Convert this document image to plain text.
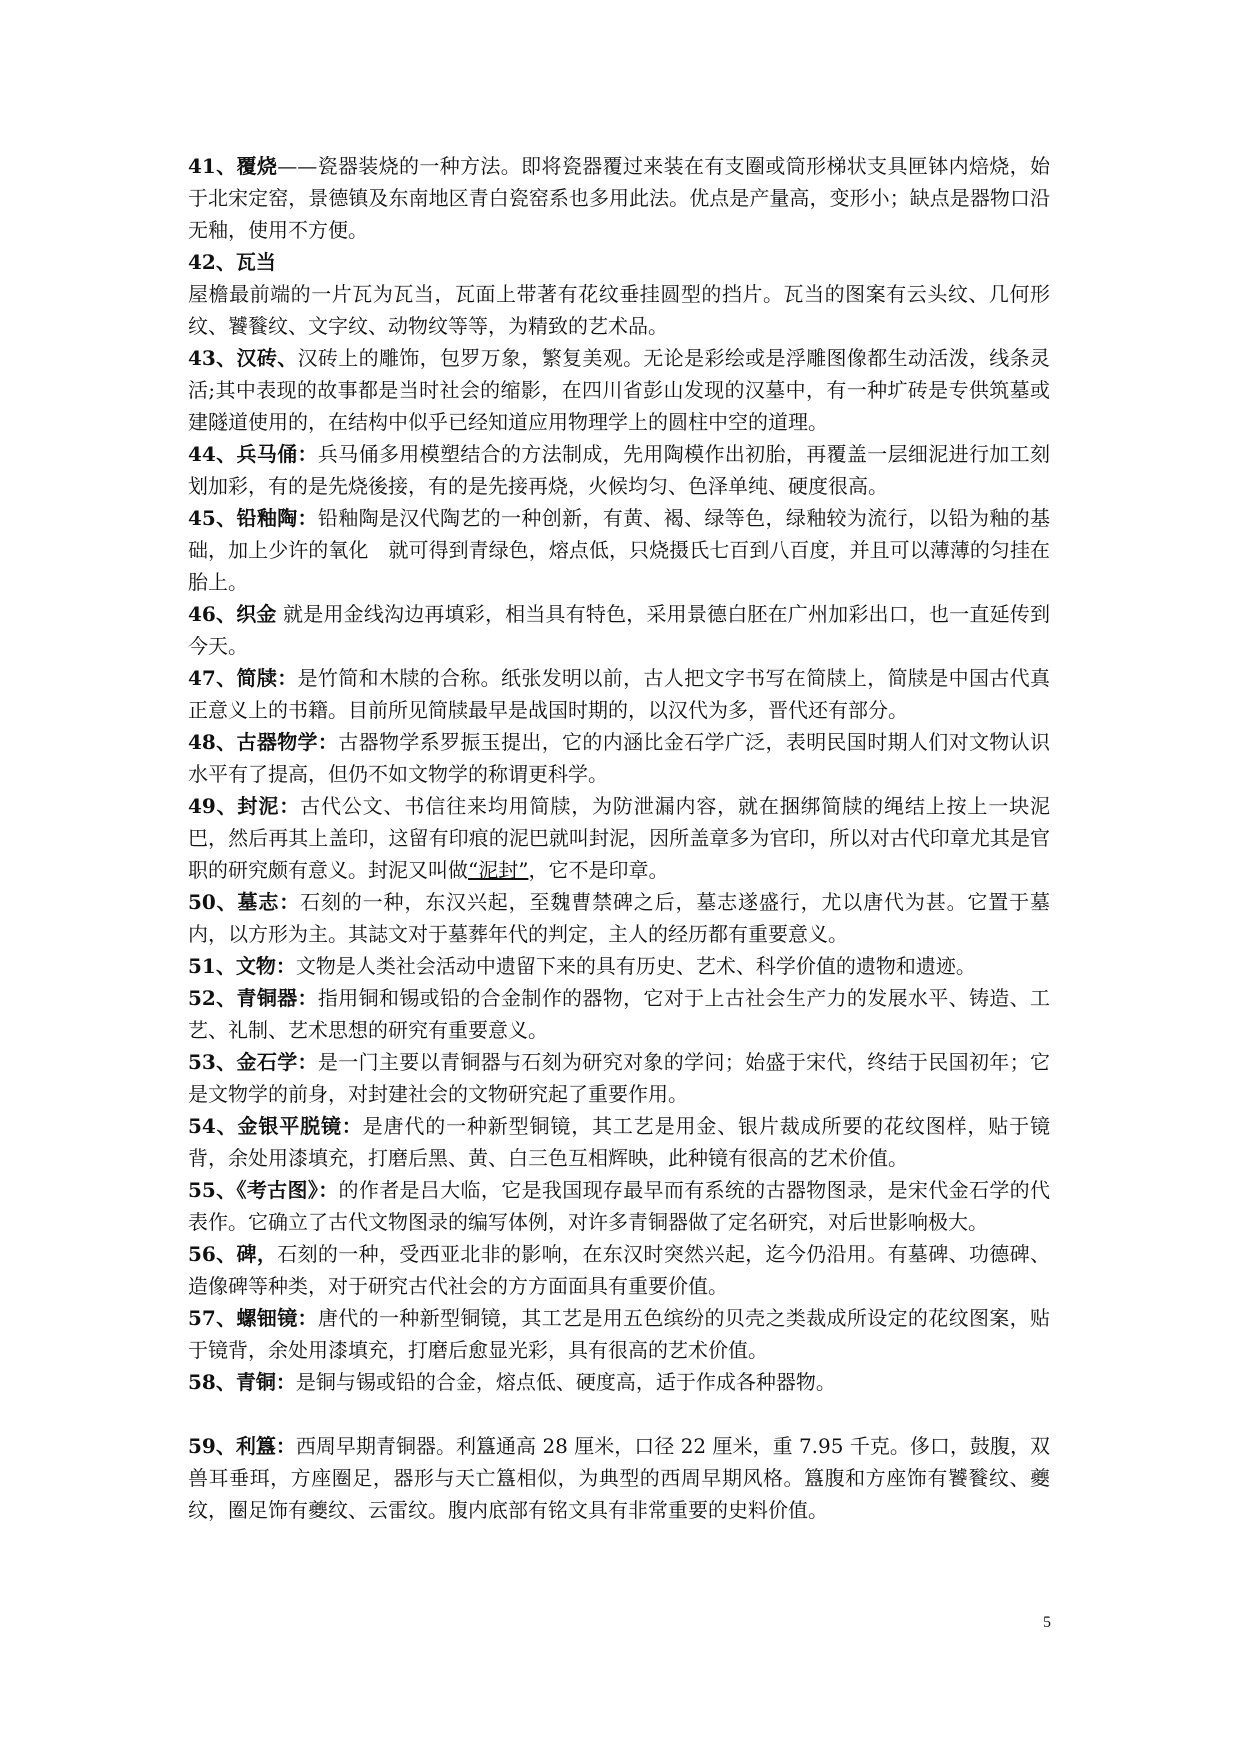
41、覆烧——瓷器装烧的一种方法。即将瓷器覆过来装在有支圈或筒形梯状支具匣钵内焙烧，始于北宋定窑，景德镇及东南地区青白瓷窑系也多用此法。优点是产量高，变形小；缺点是器物口沿无釉，使用不方便。

42、瓦当

屋檐最前端的一片瓦为瓦当，瓦面上带著有花纹垂挂圆型的挡片。瓦当的图案有云头纹、几何形纹、饕餮纹、文字纹、动物纹等等，为精致的艺术品。

43、汉砖、汉砖上的雕饰，包罗万象，繁复美观。无论是彩绘或是浮雕图像都生动活泼，线条灵活;其中表现的故事都是当时社会的缩影，在四川省彭山发现的汉墓中，有一种圹砖是专供筑墓或建隧道使用的，在结构中似乎已经知道应用物理学上的圆柱中空的道理。

44、兵马俑：兵马俑多用模塑结合的方法制成，先用陶模作出初胎，再覆盖一层细泥进行加工刻划加彩，有的是先烧後接，有的是先接再烧，火候均匀、色泽单纯、硬度很高。

45、铅釉陶：铅釉陶是汉代陶艺的一种创新，有黄、褐、绿等色，绿釉较为流行，以铅为釉的基础，加上少许的氧化　就可得到青绿色，熔点低，只烧摄氏七百到八百度，并且可以薄薄的匀挂在胎上。

46、织金 就是用金线沟边再填彩，相当具有特色，采用景德白胚在广州加彩出口，也一直延传到今天。

47、简牍：是竹简和木牍的合称。纸张发明以前，古人把文字书写在简牍上，简牍是中国古代真正意义上的书籍。目前所见简牍最早是战国时期的，以汉代为多，晋代还有部分。

48、古器物学：古器物学系罗振玉提出，它的内涵比金石学广泛，表明民国时期人们对文物认识水平有了提高，但仍不如文物学的称谓更科学。

49、封泥：古代公文、书信往来均用简牍，为防泄漏内容，就在捆绑简牍的绳结上按上一块泥巴，然后再其上盖印，这留有印痕的泥巴就叫封泥，因所盖章多为官印，所以对古代印章尤其是官职的研究颇有意义。封泥又叫做“泥封”，它不是印章。

50、墓志：石刻的一种，东汉兴起，至魏曹禁碑之后，墓志遂盛行，尤以唐代为甚。它置于墓内，以方形为主。其誌文对于墓葬年代的判定，主人的经历都有重要意义。

51、文物：文物是人类社会活动中遗留下来的具有历史、艺术、科学价值的遗物和遗迹。

52、青铜器：指用铜和锡或铅的合金制作的器物，它对于上古社会生产力的发展水平、铸造、工艺、礼制、艺术思想的研究有重要意义。

53、金石学：是一门主要以青铜器与石刻为研究对象的学问；始盛于宋代，终结于民国初年；它是文物学的前身，对封建社会的文物研究起了重要作用。

54、金银平脱镜：是唐代的一种新型铜镜，其工艺是用金、银片裁成所要的花纹图样，贴于镜背，余处用漆填充，打磨后黑、黄、白三色互相辉映，此种镜有很高的艺术价值。

55、《考古图》：的作者是吕大临，它是我国现存最早而有系统的古器物图录，是宋代金石学的代表作。它确立了古代文物图录的编写体例，对许多青铜器做了定名研究，对后世影响极大。

56、碑，石刻的一种，受西亚北非的影响，在东汉时突然兴起，迄今仍沿用。有墓碑、功德碑、造像碑等种类，对于研究古代社会的方方面面具有重要价值。

57、螺钿镜：唐代的一种新型铜镜，其工艺是用五色缤纷的贝壳之类裁成所设定的花纹图案，贴于镜背，余处用漆填充，打磨后愈显光彩，具有很高的艺术价值。

58、青铜：是铜与锡或铅的合金，熔点低、硬度高，适于作成各种器物。

59、利簋：西周早期青铜器。利簋通高 28 厘米，口径 22 厘米，重 7.95 千克。侈口，鼓腹，双兽耳垂珥，方座圈足，器形与天亡簋相似，为典型的西周早期风格。簋腹和方座饰有饕餮纹、夔纹，圈足饰有夔纹、云雷纹。腹内底部有铭文具有非常重要的史料价值。

5
